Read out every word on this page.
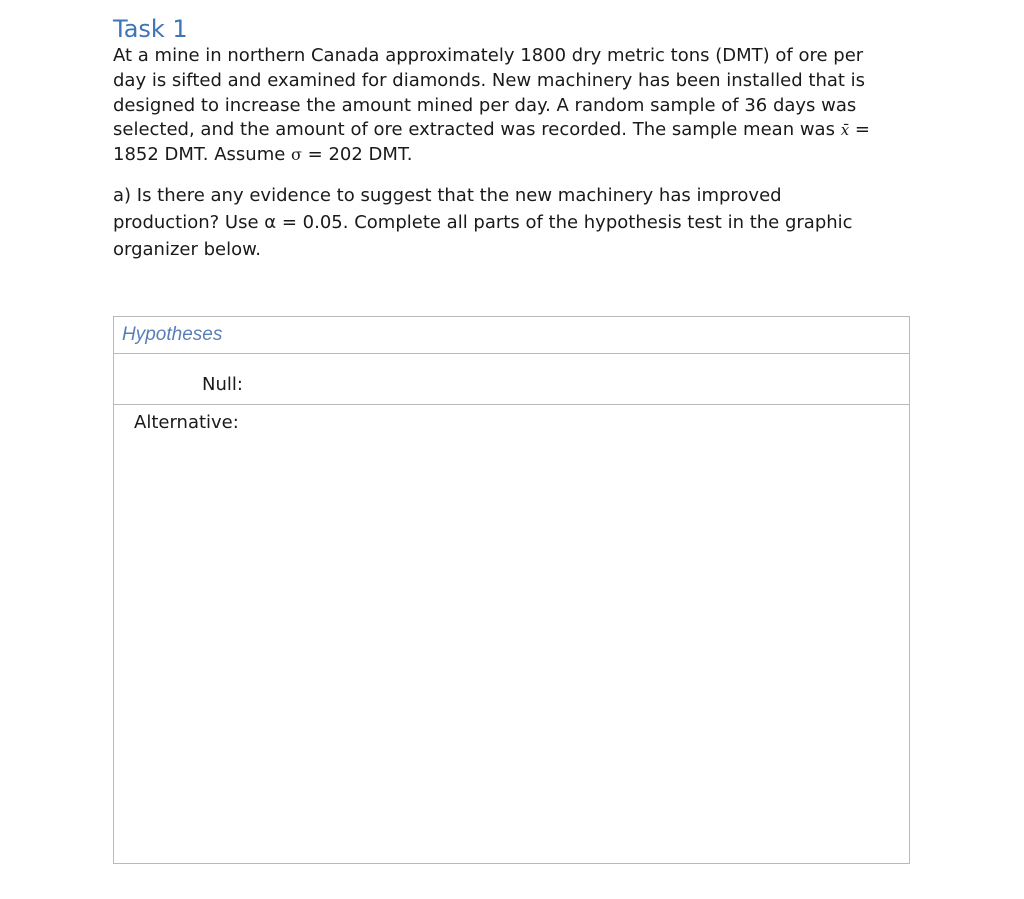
Task 1

At a mine in northern Canada approximately 1800 dry metric tons (DMT) of ore per
day is sifted and examined for diamonds. New machinery has been installed that is
designed to increase the amount mined per day. A random sample of 36 days was
selected, and the amount of ore extracted was recorded. The sample mean was x̄ =
1852 DMT. Assume σ = 202 DMT.

a) Is there any evidence to suggest that the new machinery has improved
production? Use α = 0.05. Complete all parts of the hypothesis test in the graphic
organizer below.

Hypotheses
Null:
Alternative:
